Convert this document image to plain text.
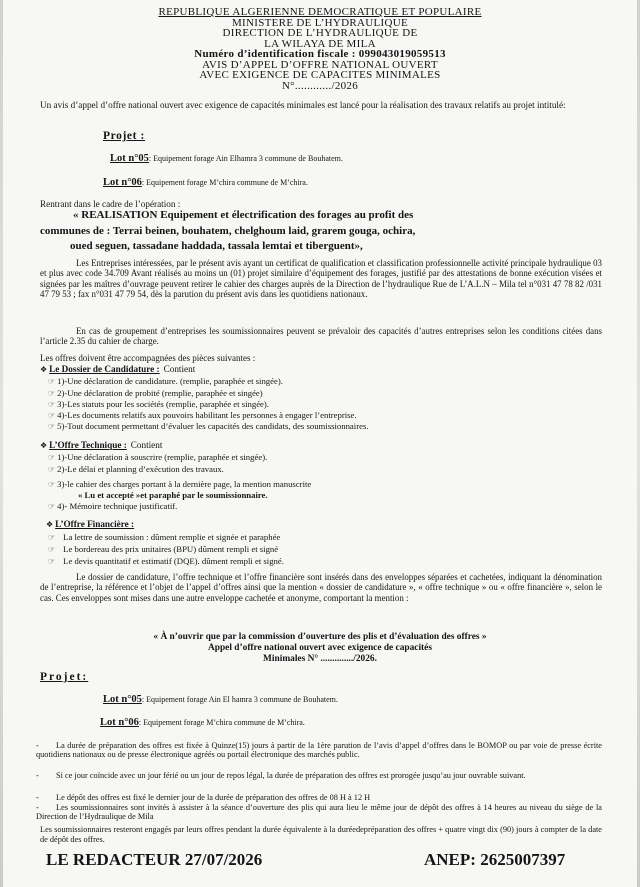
REPUBLIQUE ALGERIENNE DEMOCRATIQUE ET POPULAIRE
MINISTERE DE L’HYDRAULIQUE
DIRECTION DE L’HYDRAULIQUE DE
LA WILAYA DE MILA
Numéro d’identification fiscale : 099043019059513
AVIS D’APPEL D’OFFRE NATIONAL OUVERT
AVEC EXIGENCE DE CAPACITES MINIMALES
N°............/2026
Un avis d’appel d’offre national ouvert avec exigence de capacités minimales est lancé pour la réalisation des travaux relatifs au projet intitulé:
Projet :
Lot n°05: Equipement forage Ain Elhamra 3 commune de Bouhatem.
Lot n°06: Equipement forage M’chira commune de M’chira.
Rentrant dans le cadre de l’opération :
« REALISATION Equipement et électrification des forages au profit des
communes de : Terrai beinen, bouhatem, chelghoum laid, grarem gouga, ochira,
oued seguen, tassadane haddada, tassala lemtai et tiberguent»,
Les Entreprises intéressées, par le présent avis ayant un certificat de qualification et classification professionnelle activité principale hydraulique 03 et plus avec code 34.709 Avant réalisés au moins un (01) projet similaire d’équipement des forages, justifié par des attestations de bonne exécution visées et signées par les maîtres d’ouvrage peuvent retirer le cahier des charges auprès de la Direction de l’hydraulique Rue de L’A.L.N – Mila tel n°031 47 78 82 /031 47 79 53 ; fax n°031 47 79 54, dès la parution du présent avis dans les quotidiens nationaux.
En cas de groupement d’entreprises les soumissionnaires peuvent se prévaloir des capacités d’autres entreprises selon les conditions citées dans l’article 2.35 du cahier de charge.
Les offres doivent être accompagnées des pièces suivantes :
❖ Le Dossier de Candidature : Contient
☞ 1)-Une déclaration de candidature. (remplie, paraphée et singée).
☞ 2)-Une déclaration de probité (remplie, paraphée et singée)
☞ 3)-Les statuts pour les sociétés (remplie, paraphée et singée).
☞ 4)-Les documents relatifs aux pouvoirs habilitant les personnes à engager l’entreprise.
☞ 5)-Tout document permettant d’évaluer les capacités des candidats, des soumissionnaires.
❖ L’Offre Technique : Contient
☞ 1)-Une déclaration à souscrire (remplie, paraphée et singée).
☞ 2)-Le délai et planning d’exécution des travaux.
☞ 3)-le cahier des charges portant à la dernière page, la mention manuscrite
« Lu et accepté »et paraphé par le soumissionnaire.
☞ 4)- Mémoire technique justificatif.
❖ L’Offre Financière :
☞ La lettre de soumission : dûment remplie et signée et paraphée
☞ Le bordereau des prix unitaires (BPU) dûment rempli et signé
☞ Le devis quantitatif et estimatif (DQE). dûment rempli et signé.
Le dossier de candidature, l’offre technique et l’offre financière sont insérés dans des enveloppes séparées et cachetées, indiquant la dénomination de l’entreprise, la référence et l’objet de l’appel d’offres ainsi que la mention « dossier de candidature », « offre technique » ou « offre financière », selon le cas. Ces enveloppes sont mises dans une autre enveloppe cachetée et anonyme, comportant la mention :
« À n’ouvrir que par la commission d’ouverture des plis et d’évaluation des offres »
Appel d’offre national ouvert avec exigence de capacités
Minimales N° ............../2026.
Projet:
Lot n°05: Equipement forage Ain El hamra 3 commune de Bouhatem.
Lot n°06: Equipement forage M’chira commune de M’chira.
- La durée de préparation des offres est fixée à Quinze(15) jours à partir de la 1ère parution de l’avis d’appel d’offres dans le BOMOP ou par voie de presse écrite quotidiens nationaux ou de presse électronique agréés ou portail électronique des marchés public.
- Si ce jour coïncide avec un jour férié ou un jour de repos légal, la durée de préparation des offres est prorogée jusqu’au jour ouvrable suivant.
- Le dépôt des offres est fixé le dernier jour de la durée de préparation des offres de 08 H à 12 H
- Les soumissionnaires sont invités à assister à la séance d’ouverture des plis qui aura lieu le même jour de dépôt des offres à 14 heures au niveau du siège de la Direction de l’Hydraulique de Mila
Les soumissionnaires resteront engagés par leurs offres pendant la durée équivalente à la duréedepréparation des offres + quatre vingt dix (90) jours à compter de la date de dépôt des offres.
LE REDACTEUR 27/07/2026	ANEP: 2625007397
